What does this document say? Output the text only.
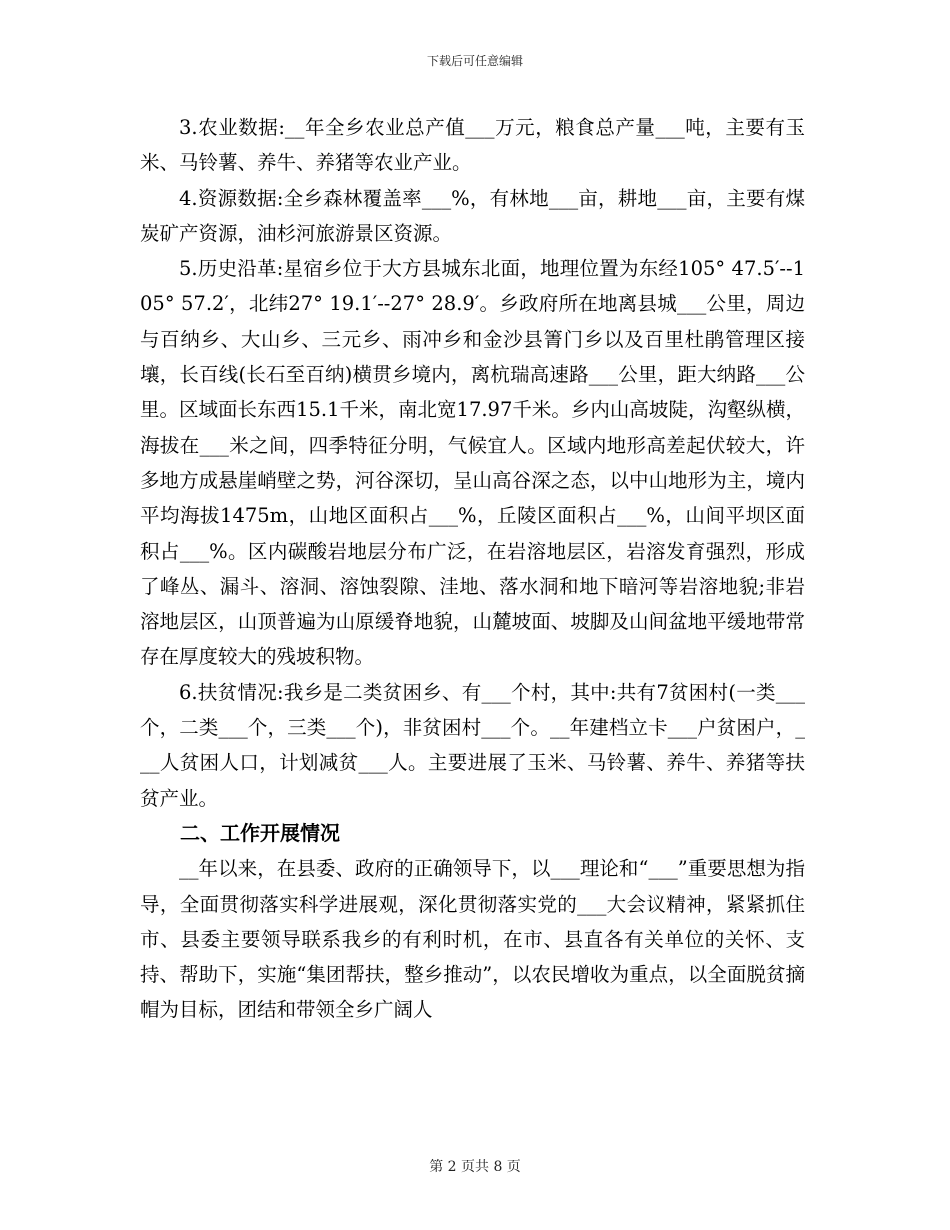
下载后可任意编辑

3.农业数据:__年全乡农业总产值___万元，粮食总产量___吨，主要有玉米、马铃薯、养牛、养猪等农业产业。

4.资源数据:全乡森林覆盖率___%，有林地___亩，耕地___亩，主要有煤炭矿产资源，油杉河旅游景区资源。

5.历史沿革:星宿乡位于大方县城东北面，地理位置为东经105° 47.5′--105° 57.2′，北纬27° 19.1′--27° 28.9′。乡政府所在地离县城___公里，周边与百纳乡、大山乡、三元乡、雨冲乡和金沙县箐门乡以及百里杜鹃管理区接壤，长百线(长石至百纳)横贯乡境内，离杭瑞高速路___公里，距大纳路___公里。区域面长东西15.1千米，南北宽17.97千米。乡内山高坡陡，沟壑纵横，海拔在___米之间，四季特征分明，气候宜人。区域内地形高差起伏较大，许多地方成悬崖峭壁之势，河谷深切，呈山高谷深之态，以中山地形为主，境内平均海拔1475m，山地区面积占___%，丘陵区面积占___%，山间平坝区面积占___%。区内碳酸岩地层分布广泛，在岩溶地层区，岩溶发育强烈，形成了峰丛、漏斗、溶洞、溶蚀裂隙、洼地、落水洞和地下暗河等岩溶地貌;非岩溶地层区，山顶普遍为山原缓脊地貌，山麓坡面、坡脚及山间盆地平缓地带常存在厚度较大的残坡积物。

6.扶贫情况:我乡是二类贫困乡、有___个村，其中:共有7贫困村(一类___个，二类___个，三类___个)，非贫困村___个。__年建档立卡___户贫困户，___人贫困人口，计划减贫___人。主要进展了玉米、马铃薯、养牛、养猪等扶贫产业。

二、工作开展情况

__年以来，在县委、政府的正确领导下，以___理论和“___”重要思想为指导，全面贯彻落实科学进展观，深化贯彻落实党的___大会议精神，紧紧抓住市、县委主要领导联系我乡的有利时机，在市、县直各有关单位的关怀、支持、帮助下，实施“集团帮扶，整乡推动”，以农民增收为重点，以全面脱贫摘帽为目标，团结和带领全乡广阔人

第 2 页共 8 页
